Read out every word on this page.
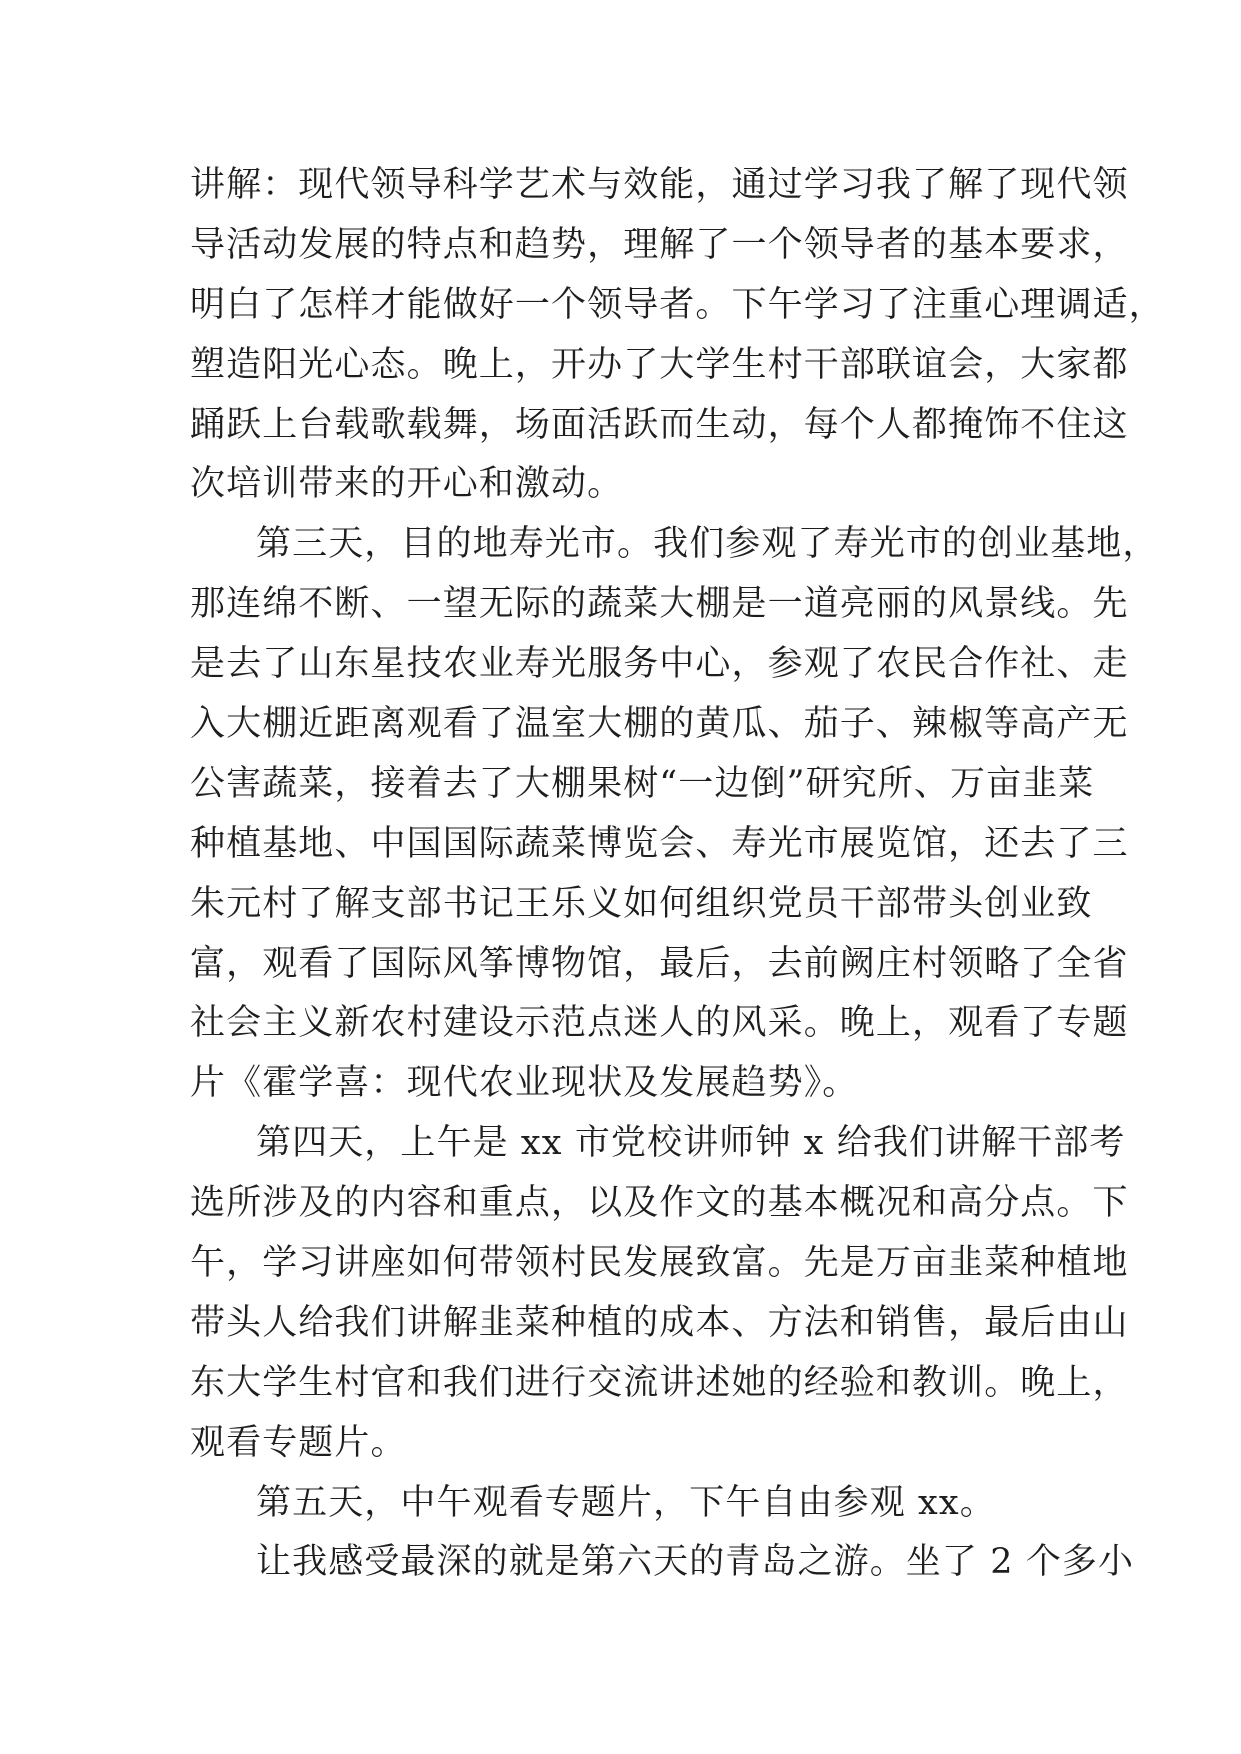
讲解：现代领导科学艺术与效能，通过学习我了解了现代领
导活动发展的特点和趋势，理解了一个领导者的基本要求，
明白了怎样才能做好一个领导者。下午学习了注重心理调适，
塑造阳光心态。晚上，开办了大学生村干部联谊会，大家都
踊跃上台载歌载舞，场面活跃而生动，每个人都掩饰不住这
次培训带来的开心和激动。
第三天，目的地寿光市。我们参观了寿光市的创业基地，
那连绵不断、一望无际的蔬菜大棚是一道亮丽的风景线。先
是去了山东星技农业寿光服务中心，参观了农民合作社、走
入大棚近距离观看了温室大棚的黄瓜、茄子、辣椒等高产无
公害蔬菜，接着去了大棚果树“一边倒”研究所、万亩韭菜
种植基地、中国国际蔬菜博览会、寿光市展览馆，还去了三
朱元村了解支部书记王乐义如何组织党员干部带头创业致
富，观看了国际风筝博物馆，最后，去前阙庄村领略了全省
社会主义新农村建设示范点迷人的风采。晚上，观看了专题
片《霍学喜：现代农业现状及发展趋势》。
第四天，上午是 xx 市党校讲师钟 x 给我们讲解干部考
选所涉及的内容和重点，以及作文的基本概况和高分点。下
午，学习讲座如何带领村民发展致富。先是万亩韭菜种植地
带头人给我们讲解韭菜种植的成本、方法和销售，最后由山
东大学生村官和我们进行交流讲述她的经验和教训。晚上，
观看专题片。
第五天，中午观看专题片，下午自由参观 xx。
让我感受最深的就是第六天的青岛之游。坐了 2 个多小
